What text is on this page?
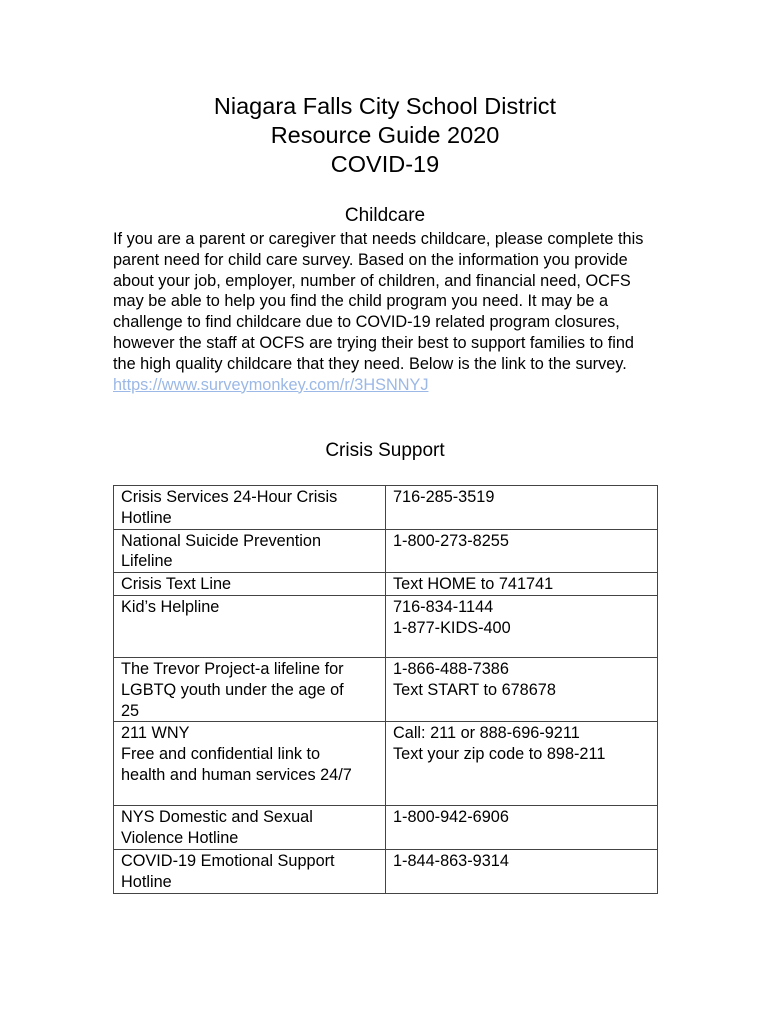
Niagara Falls City School District
Resource Guide 2020
COVID-19
Childcare
If you are a parent or caregiver that needs childcare, please complete this parent need for child care survey. Based on the information you provide about your job, employer, number of children, and financial need, OCFS may be able to help you find the child program you need. It may be a challenge to find childcare due to COVID-19 related program closures, however the staff at OCFS are trying their best to support families to find the high quality childcare that they need. Below is the link to the survey.
https://www.surveymonkey.com/r/3HSNNYJ
Crisis Support
Crisis Services 24-Hour Crisis
Hotline	716-285-3519

National Suicide Prevention
Lifeline	1-800-273-8255

Crisis Text Line	Text HOME to 741741

Kid’s Helpline	716-834-1144
1-877-KIDS-400

The Trevor Project-a lifeline for
LGBTQ youth under the age of
25	1-866-488-7386
Text START to 678678

211 WNY
Free and confidential link to
health and human services 24/7	Call: 211 or 888-696-9211
Text your zip code to 898-211

NYS Domestic and Sexual
Violence Hotline	1-800-942-6906

COVID-19 Emotional Support
Hotline	1-844-863-9314
